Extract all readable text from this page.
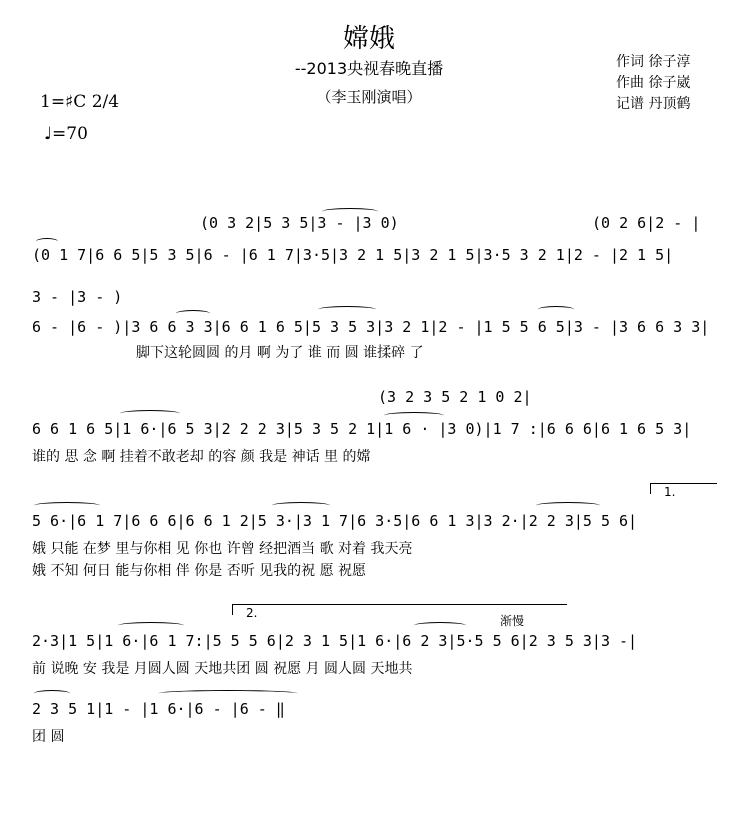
嫦娥
--2013央视春晚直播
（李玉刚演唱）
作词 徐子淳
作曲 徐子崴
记谱 丹顶鹤
1=♯C 2/4
♩=70
(0 3 2|5 3 5|3 - |3 0)	(0 2 6|2 - |
(0 1 7|6 6 5|5 3 5|6 - |6 1 7|3·5|3 2 1 5|3 2 1 5|3·5 3 2 1|2 - |2 1 5|
3 - |3 - )
6 - |6 - )|3 6 6 3 3|6 6 1 6 5|5 3 5 3|3 2 1|2 - |1 5 5 6 5|3 - |3 6 6 3 3|
脚下这轮圆圆 的月 啊 为了 谁 而 圆 谁揉碎 了
(3 2 3 5 2 1 0 2|
6 6 1 6 5|1 6·|6 5 3|2 2 2 3|5 3 5 2 1|1 6 · |3 0)|1 7 :|6 6 6|6 1 6 5 3|
谁的 思 念 啊 挂着不敢老却 的容 颜 我是 神话 里 的嫦
1.
5 6·|6 1 7|6 6 6|6 6 1 2|5 3·|3 1 7|6 3·5|6 6 1 3|3 2·|2 2 3|5 5 6|
娥 只能 在梦 里与你相 见 你也 许曾 经把酒当 歌 对着 我天亮
娥 不知 何日 能与你相 伴 你是 否听 见我的祝 愿 祝愿
2.
渐慢
2·3|1 5|1 6·|6 1 7:|5 5 5 6|2 3 1 5|1 6·|6 2 3|5·5 5 6|2 3 5 3|3 -|
前 说晚 安 我是 月圆人圆 天地共团 圆 祝愿 月 圆人圆 天地共
2 3 5 1|1 - |1 6·|6 - |6 - ‖
团 圆
